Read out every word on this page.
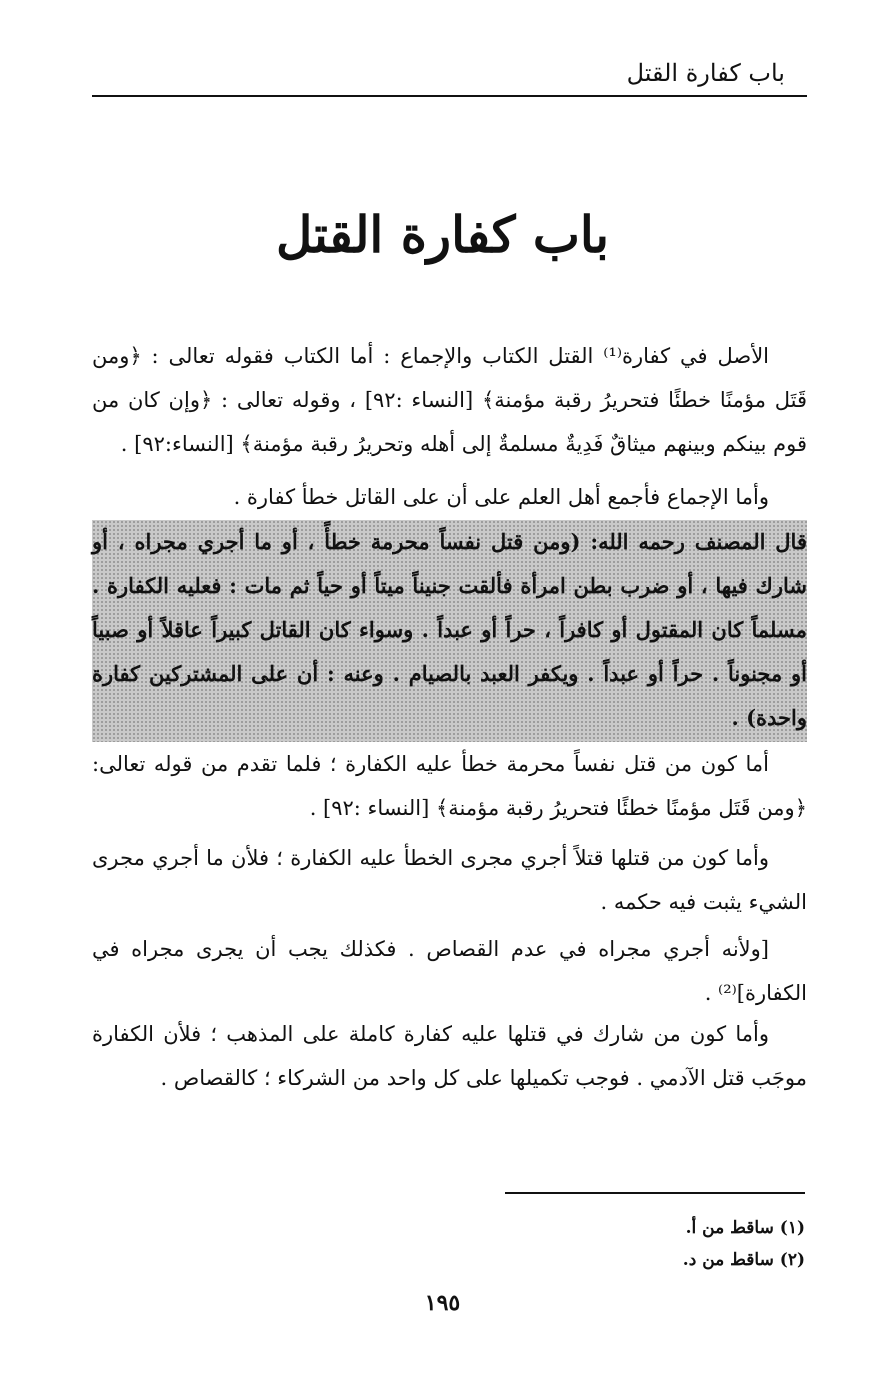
باب كفارة القتل
باب كفارة القتل

الأصل في كفارة⁽¹⁾ القتل الكتاب والإجماع : أما الكتاب فقوله تعالى : ﴿ومن قَتَل مؤمنًا خطئًا فتحريرُ رقبة مؤمنة﴾ [النساء :٩٢] ، وقوله تعالى : ﴿وإن كان من قوم بينكم وبينهم ميثاقٌ فَدِيةٌ مسلمةٌ إلى أهله وتحريرُ رقبة مؤمنة﴾ [النساء:٩٢] .

وأما الإجماع فأجمع أهل العلم على أن على القاتل خطأ كفارة .

قال المصنف رحمه الله: (ومن قتل نفساً محرمة خطأً ، أو ما أجري مجراه ، أو شارك فيها ، أو ضرب بطن امرأة فألقت جنيناً ميتاً أو حياً ثم مات : فعليه الكفارة . مسلماً كان المقتول أو كافراً ، حراً أو عبداً . وسواء كان القاتل كبيراً عاقلاً أو صبياً أو مجنوناً . حراً أو عبداً . ويكفر العبد بالصيام . وعنه : أن على المشتركين كفارة واحدة) .

أما كون من قتل نفساً محرمة خطأ عليه الكفارة ؛ فلما تقدم من قوله تعالى: ﴿ومن قَتَل مؤمنًا خطئًا فتحريرُ رقبة مؤمنة﴾ [النساء :٩٢] .

وأما كون من قتلها قتلاً أجري مجرى الخطأ عليه الكفارة ؛ فلأن ما أجري مجرى الشيء يثبت فيه حكمه .

[ولأنه أجري مجراه في عدم القصاص . فكذلك يجب أن يجرى مجراه في الكفارة]⁽²⁾ .

وأما كون من شارك في قتلها عليه كفارة كاملة على المذهب ؛ فلأن الكفارة موجَب قتل الآدمي . فوجب تكميلها على كل واحد من الشركاء ؛ كالقصاص .

(١) ساقط من أ.
(٢) ساقط من د.
١٩٥
